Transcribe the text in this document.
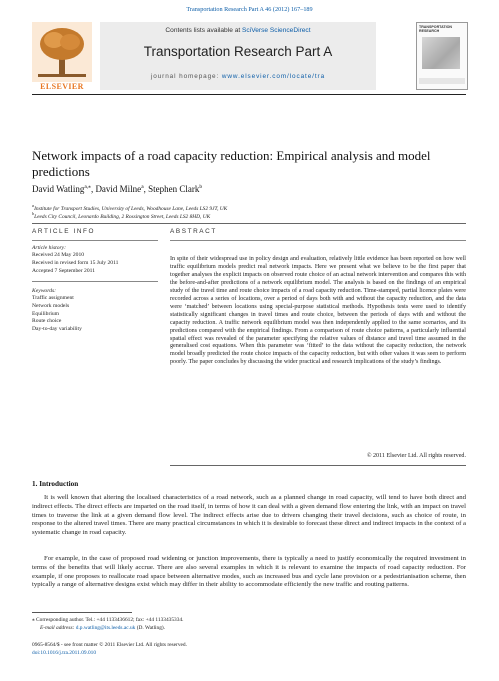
Transportation Research Part A 46 (2012) 167–189
ELSEVIER
Contents lists available at SciVerse ScienceDirect
Transportation Research Part A
journal homepage: www.elsevier.com/locate/tra
TRANSPORTATION RESEARCH
Network impacts of a road capacity reduction: Empirical analysis and model predictions
David Watling$^{a,⁎}$, David Milne$^a$, Stephen Clark$^b$
$^a$Institute for Transport Studies, University of Leeds, Woodhouse Lane, Leeds LS2 9JT, UK
$^b$Leeds City Council, Leonardo Building, 2 Rossington Street, Leeds LS2 8HD, UK
ARTICLE INFO
Article history:
Received 24 May 2010
Received in revised form 15 July 2011
Accepted 7 September 2011
Keywords:
Traffic assignment
Network models
Equilibrium
Route choice
Day-to-day variability
ABSTRACT
In spite of their widespread use in policy design and evaluation, relatively little evidence has been reported on how well traffic equilibrium models predict real network impacts. Here we present what we believe to be the first paper that together analyses the explicit impacts on observed route choice of an actual network intervention and compares this with the before-and-after predictions of a network equilibrium model. The analysis is based on the findings of an empirical study of the travel time and route choice impacts of a road capacity reduction. Time-stamped, partial licence plates were recorded across a series of locations, over a period of days both with and without the capacity reduction, and the data were ‘matched’ between locations using special-purpose statistical methods. Hypothesis tests were used to identify statistically significant changes in travel times and route choice, between the periods of days with and without the capacity reduction. A traffic network equilibrium model was then independently applied to the same scenarios, and its predictions compared with the empirical findings. From a comparison of route choice patterns, a particularly influential spatial effect was revealed of the parameter specifying the relative values of distance and travel time assumed in the generalised cost equations. When this parameter was ‘fitted’ to the data without the capacity reduction, the network model broadly predicted the route choice impacts of the capacity reduction, but with other values it was seen to perform poorly. The paper concludes by discussing the wider practical and research implications of the study’s findings.
© 2011 Elsevier Ltd. All rights reserved.
1. Introduction
It is well known that altering the localised characteristics of a road network, such as a planned change in road capacity, will tend to have both direct and indirect effects. The direct effects are imparted on the road itself, in terms of how it can deal with a given demand flow entering the link, with an impact on travel times to traverse the link at a given demand flow level. The indirect effects arise due to drivers changing their travel decisions, such as choice of route, in response to the altered travel times. There are many practical circumstances in which it is desirable to forecast these direct and indirect impacts in the context of a systematic change in road capacity.
For example, in the case of proposed road widening or junction improvements, there is typically a need to justify economically the required investment in terms of the benefits that will likely accrue. There are also several examples in which it is relevant to examine the impacts of road capacity reduction. For example, if one proposes to reallocate road space between alternative modes, such as increased bus and cycle lane provision or a pedestrianisation scheme, then typically a range of alternative designs exist which may differ in their ability to accommodate efficiently the new traffic and routing patterns.
⁎ Corresponding author. Tel.: +44 1133436612; fax: +44 1133435334.
E-mail address: d.p.watling@its.leeds.ac.uk (D. Watling).
0965-8564/$ - see front matter © 2011 Elsevier Ltd. All rights reserved.
doi:10.1016/j.tra.2011.09.010
